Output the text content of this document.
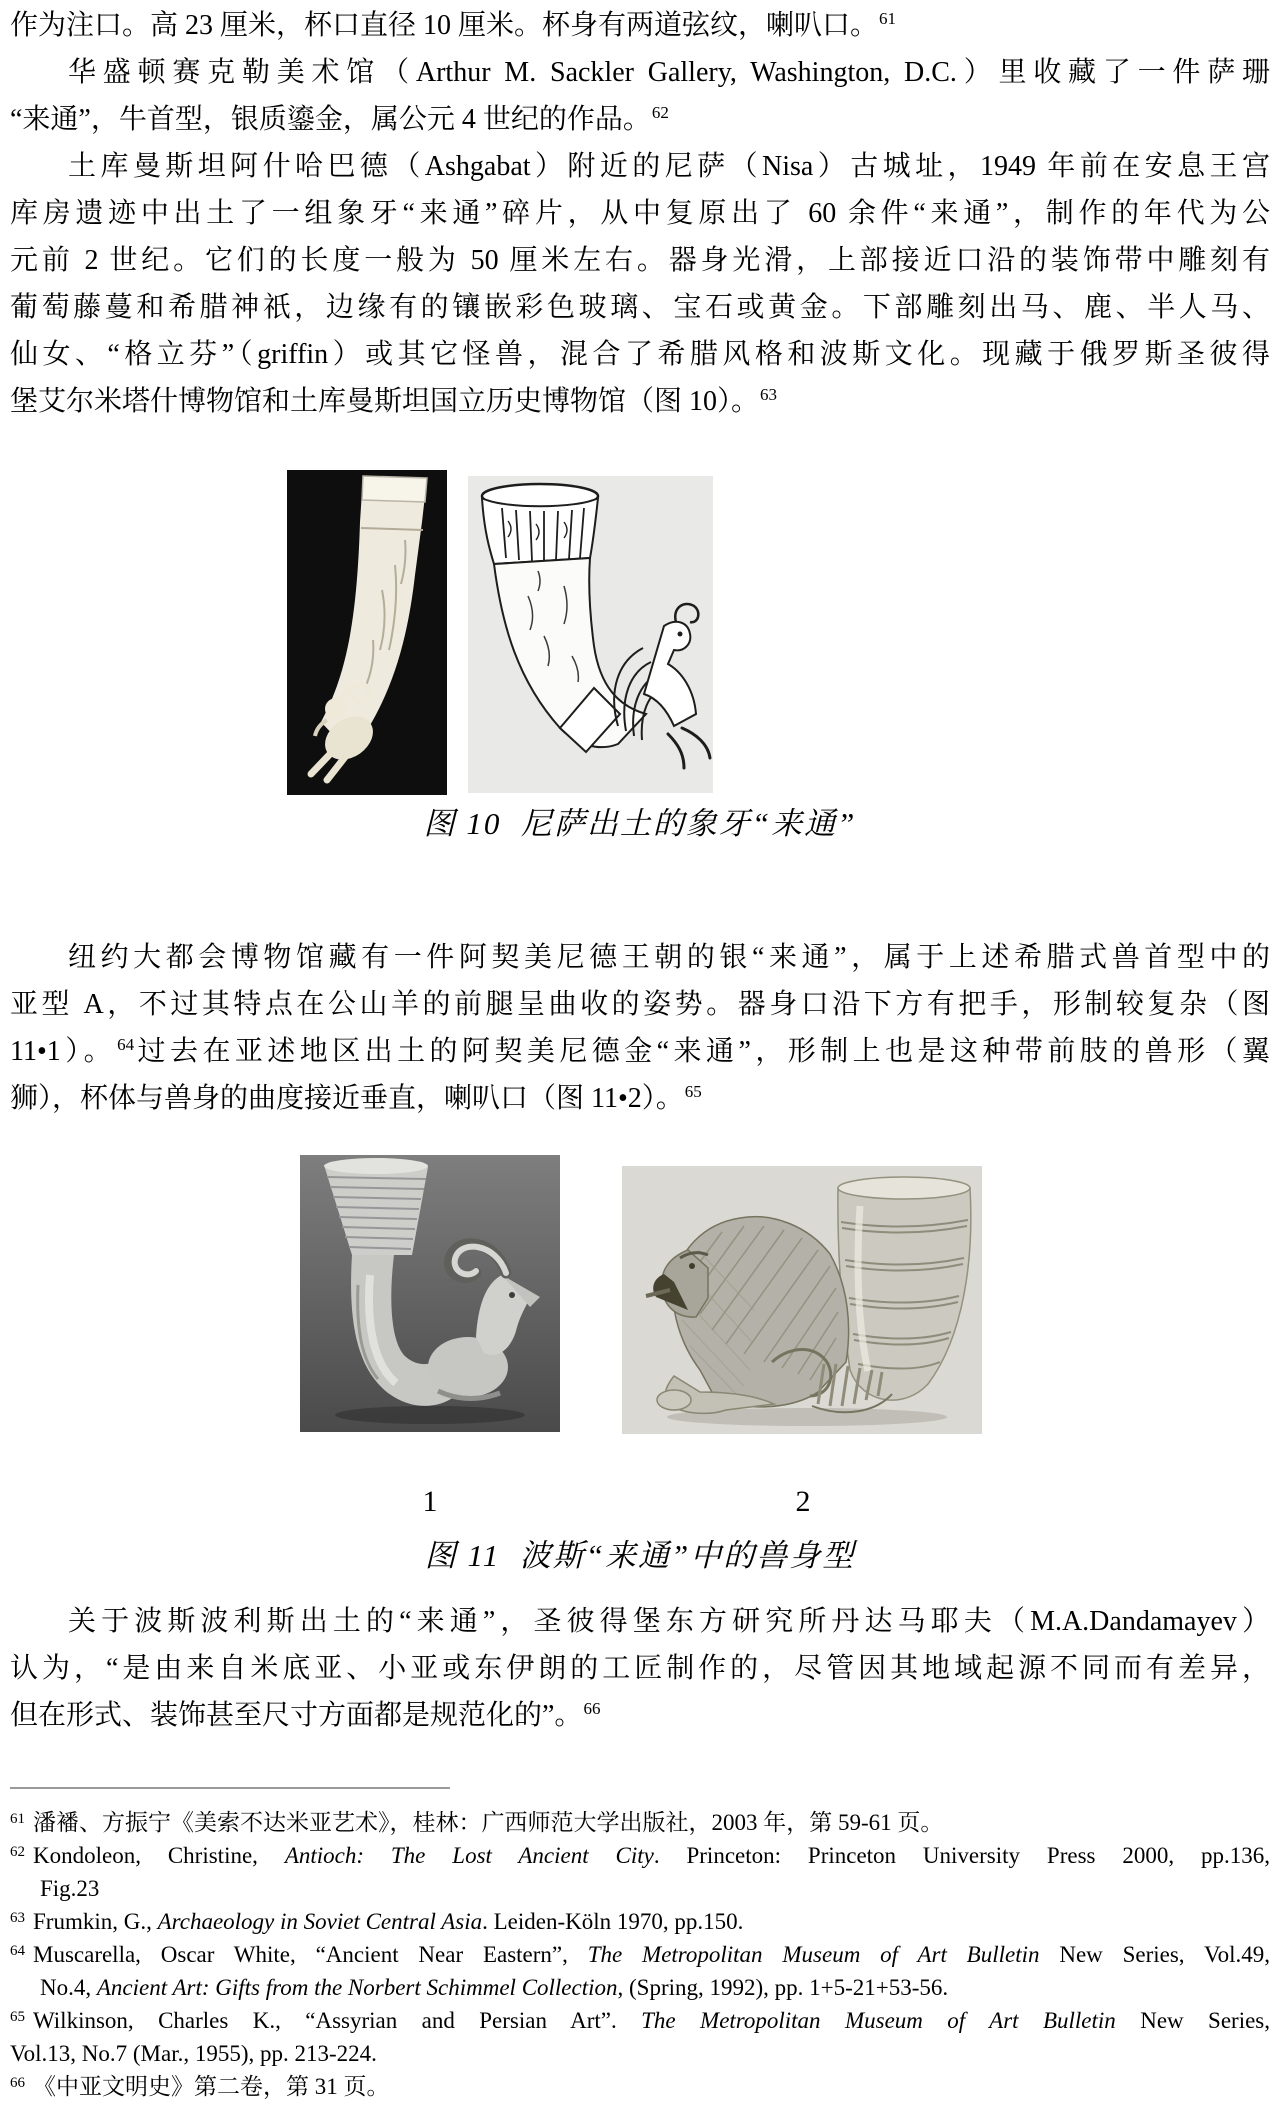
作为注口。高 23 厘米，杯口直径 10 厘米。杯身有两道弦纹，喇叭口。$^{61}$
华盛顿赛克勒美术馆（Arthur M. Sackler Gallery, Washington, D.C.）里收藏了一件萨珊
“来通”，牛首型，银质鎏金，属公元 4 世纪的作品。$^{62}$
土库曼斯坦阿什哈巴德（Ashgabat）附近的尼萨（Nisa）古城址，1949 年前在安息王宫
库房遗迹中出土了一组象牙“来通”碎片，从中复原出了 60 余件“来通”，制作的年代为公
元前 2 世纪。它们的长度一般为 50 厘米左右。器身光滑，上部接近口沿的装饰带中雕刻有
葡萄藤蔓和希腊神祇，边缘有的镶嵌彩色玻璃、宝石或黄金。下部雕刻出马、鹿、半人马、
仙女、“格立芬”（griffin）或其它怪兽，混合了希腊风格和波斯文化。现藏于俄罗斯圣彼得
堡艾尔米塔什博物馆和土库曼斯坦国立历史博物馆（图 10）。$^{63}$
图 10  尼萨出土的象牙“来通”
纽约大都会博物馆藏有一件阿契美尼德王朝的银“来通”，属于上述希腊式兽首型中的
亚型 A，不过其特点在公山羊的前腿呈曲收的姿势。器身口沿下方有把手，形制较复杂（图
11•1）。$^{64}$过去在亚述地区出土的阿契美尼德金“来通”，形制上也是这种带前肢的兽形（翼
狮），杯体与兽身的曲度接近垂直，喇叭口（图 11•2）。$^{65}$
1	2
图 11  波斯“来通”中的兽身型
关于波斯波利斯出土的“来通”，圣彼得堡东方研究所丹达马耶夫（M.A.Dandamayev）
认为，“是由来自米底亚、小亚或东伊朗的工匠制作的，尽管因其地域起源不同而有差异，
但在形式、装饰甚至尺寸方面都是规范化的”。$^{66}$
$^{61}$ 潘襎、方振宁《美索不达米亚艺术》，桂林：广西师范大学出版社，2003 年，第 59-61 页。
$^{62}$ Kondoleon, Christine, Antioch: The Lost Ancient City. Princeton: Princeton University Press 2000, pp.136,
Fig.23
$^{63}$ Frumkin, G., Archaeology in Soviet Central Asia. Leiden-Köln 1970, pp.150.
$^{64}$ Muscarella, Oscar White, “Ancient Near Eastern”, The Metropolitan Museum of Art Bulletin New Series, Vol.49,
No.4, Ancient Art: Gifts from the Norbert Schimmel Collection, (Spring, 1992), pp. 1+5-21+53-56.
$^{65}$ Wilkinson, Charles K., “Assyrian and Persian Art”. The Metropolitan Museum of Art Bulletin New Series,
Vol.13, No.7 (Mar., 1955), pp. 213-224.
$^{66}$ 《中亚文明史》第二卷，第 31 页。
